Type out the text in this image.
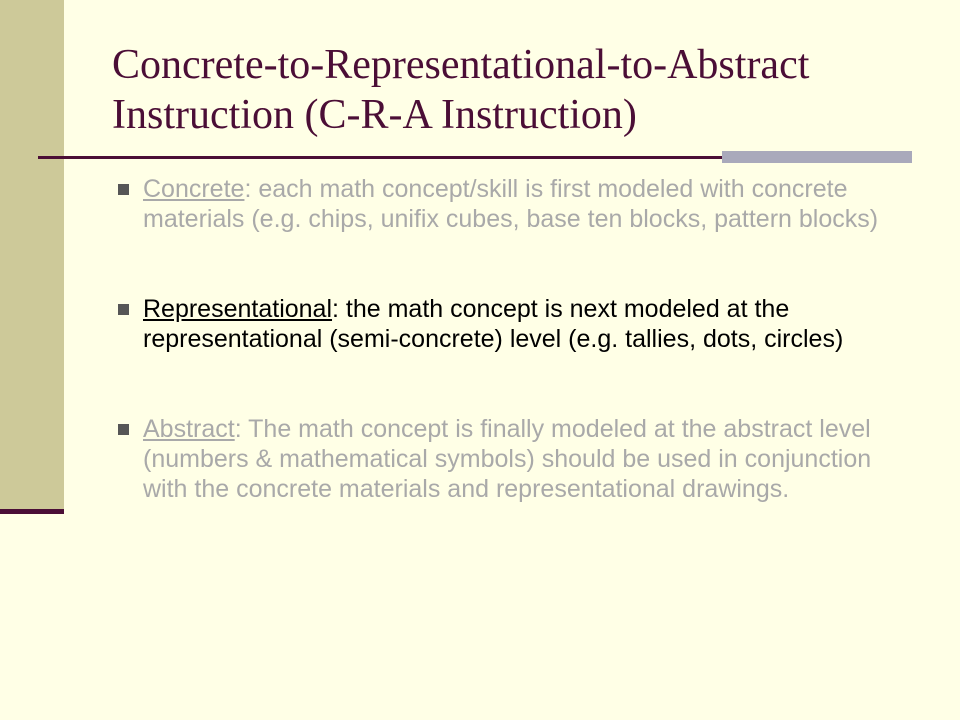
Concrete-to-Representational-to-Abstract
Instruction (C-R-A Instruction)
Concrete: each math concept/skill is first modeled with concrete materials (e.g. chips, unifix cubes, base ten blocks, pattern blocks)
Representational: the math concept is next modeled at the representational (semi-concrete) level (e.g. tallies, dots, circles)
Abstract: The math concept is finally modeled at the abstract level (numbers & mathematical symbols) should be used in conjunction with the concrete materials and representational drawings.
